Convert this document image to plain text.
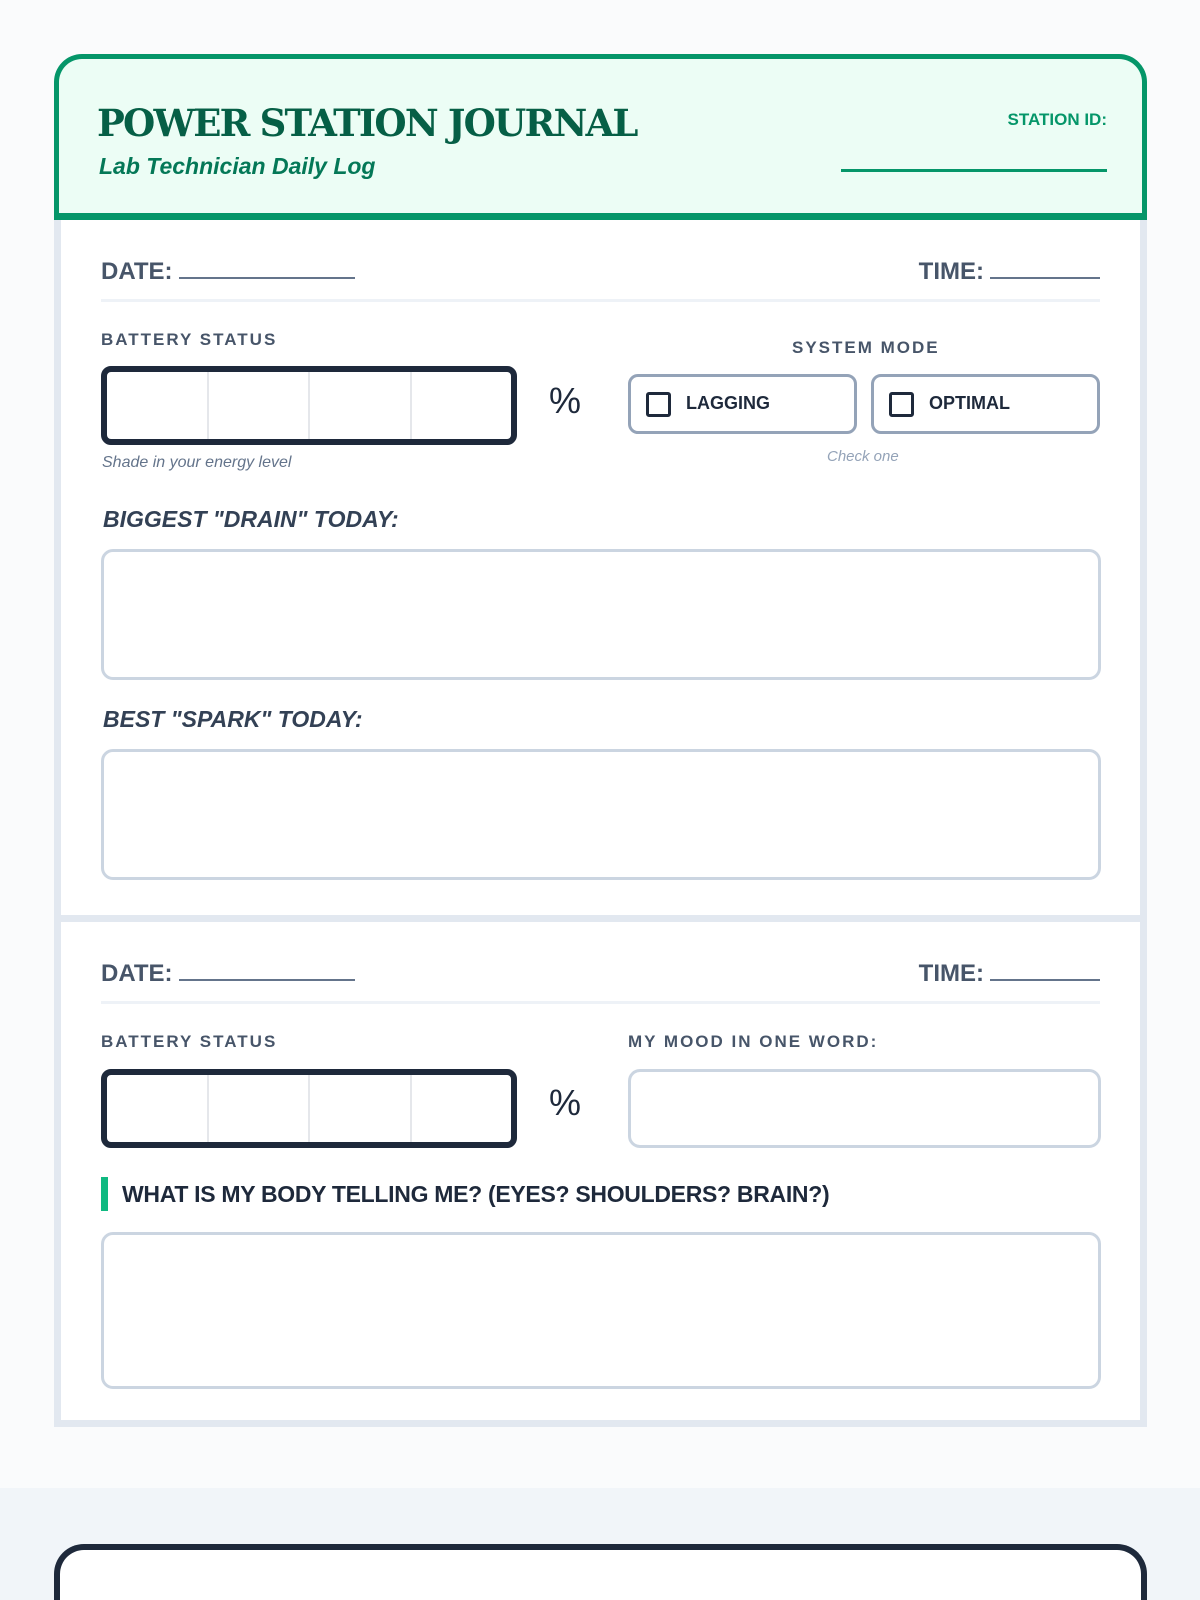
POWER STATION JOURNAL
Lab Technician Daily Log
STATION ID:
DATE:	TIME:
BATTERY STATUS
%
Shade in your energy level
SYSTEM MODE
LAGGING	OPTIMAL
Check one
BIGGEST "DRAIN" TODAY:
BEST "SPARK" TODAY:
DATE:	TIME:
BATTERY STATUS
%
MY MOOD IN ONE WORD:
WHAT IS MY BODY TELLING ME? (EYES? SHOULDERS? BRAIN?)
